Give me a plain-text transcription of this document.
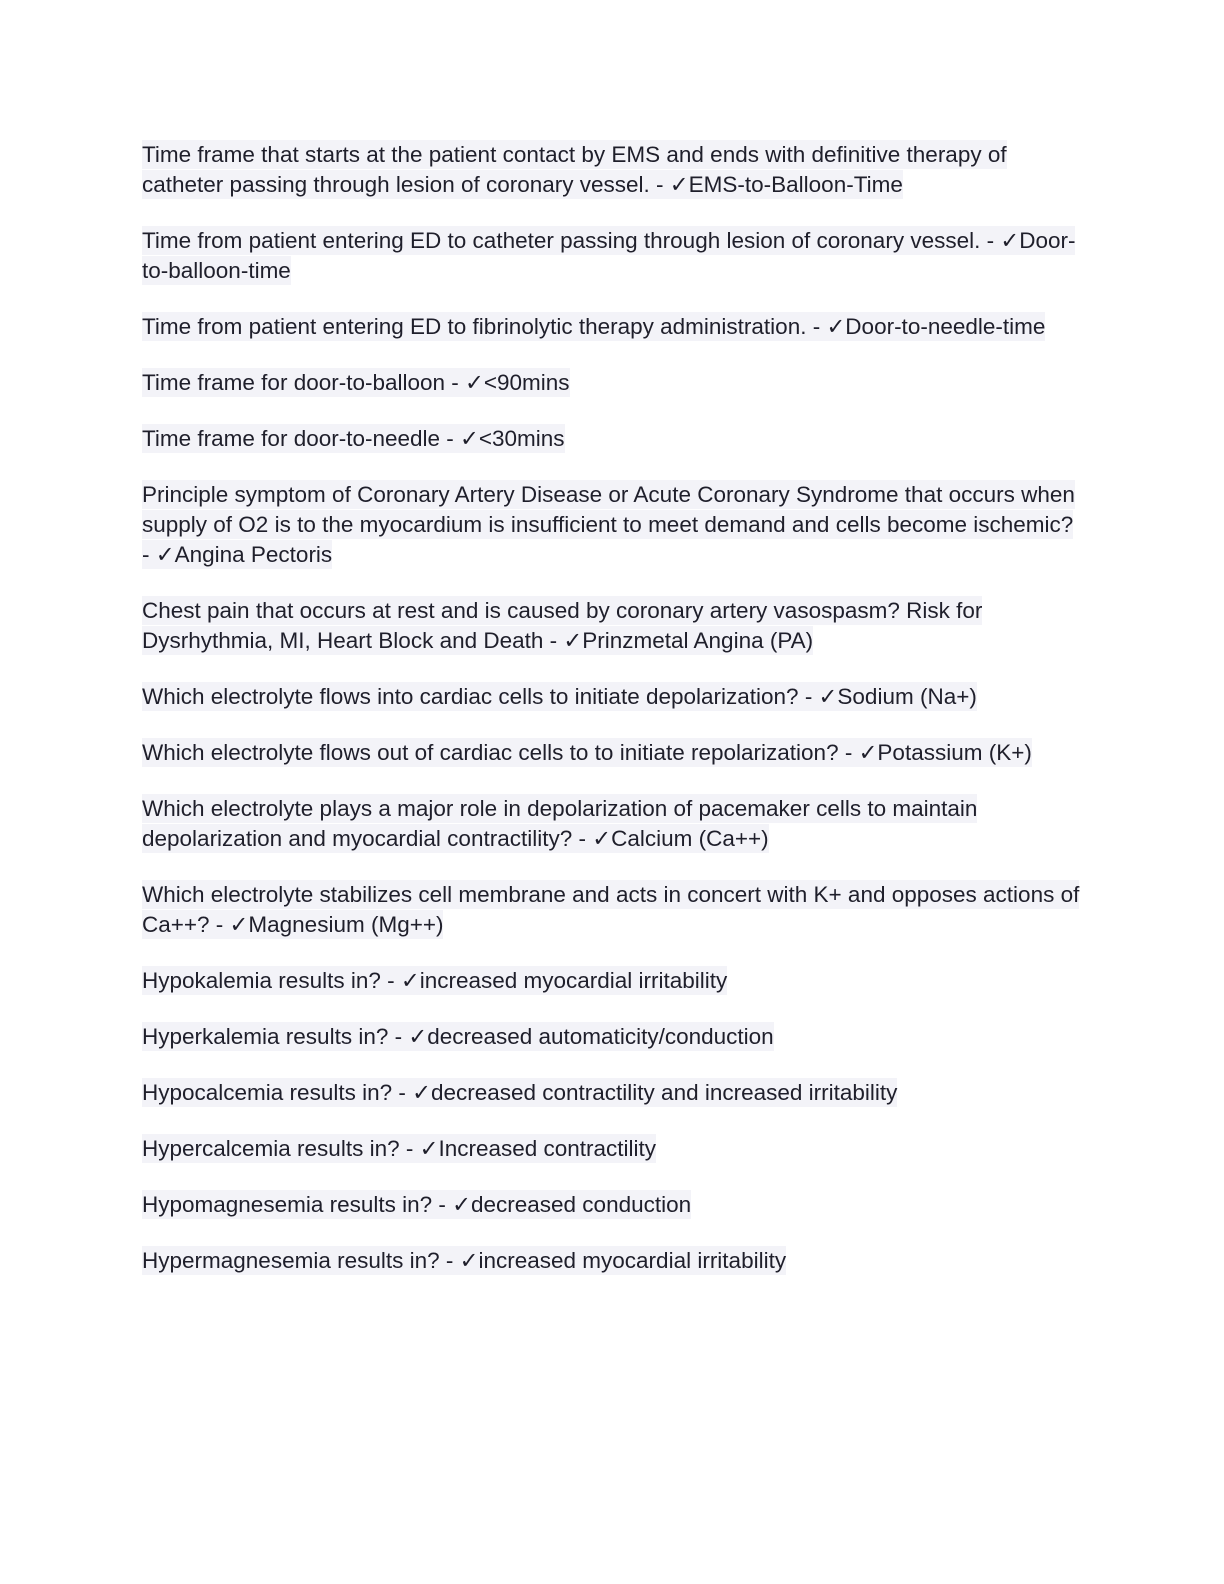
Time frame that starts at the patient contact by EMS and ends with definitive therapy of catheter passing through lesion of coronary vessel. - ✓EMS-to-Balloon-Time

Time from patient entering ED to catheter passing through lesion of coronary vessel. - ✓Door-to-balloon-time

Time from patient entering ED to fibrinolytic therapy administration. - ✓Door-to-needle-time

Time frame for door-to-balloon - ✓<90mins

Time frame for door-to-needle - ✓<30mins

Principle symptom of Coronary Artery Disease or Acute Coronary Syndrome that occurs when supply of O2 is to the myocardium is insufficient to meet demand and cells become ischemic? - ✓Angina Pectoris

Chest pain that occurs at rest and is caused by coronary artery vasospasm? Risk for Dysrhythmia, MI, Heart Block and Death - ✓Prinzmetal Angina (PA)

Which electrolyte flows into cardiac cells to initiate depolarization? - ✓Sodium (Na+)

Which electrolyte flows out of cardiac cells to to initiate repolarization? - ✓Potassium (K+)

Which electrolyte plays a major role in depolarization of pacemaker cells to maintain depolarization and myocardial contractility? - ✓Calcium (Ca++)

Which electrolyte stabilizes cell membrane and acts in concert with K+ and opposes actions of Ca++? - ✓Magnesium (Mg++)

Hypokalemia results in? - ✓increased myocardial irritability

Hyperkalemia results in? - ✓decreased automaticity/conduction

Hypocalcemia results in? - ✓decreased contractility and increased irritability

Hypercalcemia results in? - ✓Increased contractility

Hypomagnesemia results in? - ✓decreased conduction

Hypermagnesemia results in? - ✓increased myocardial irritability
